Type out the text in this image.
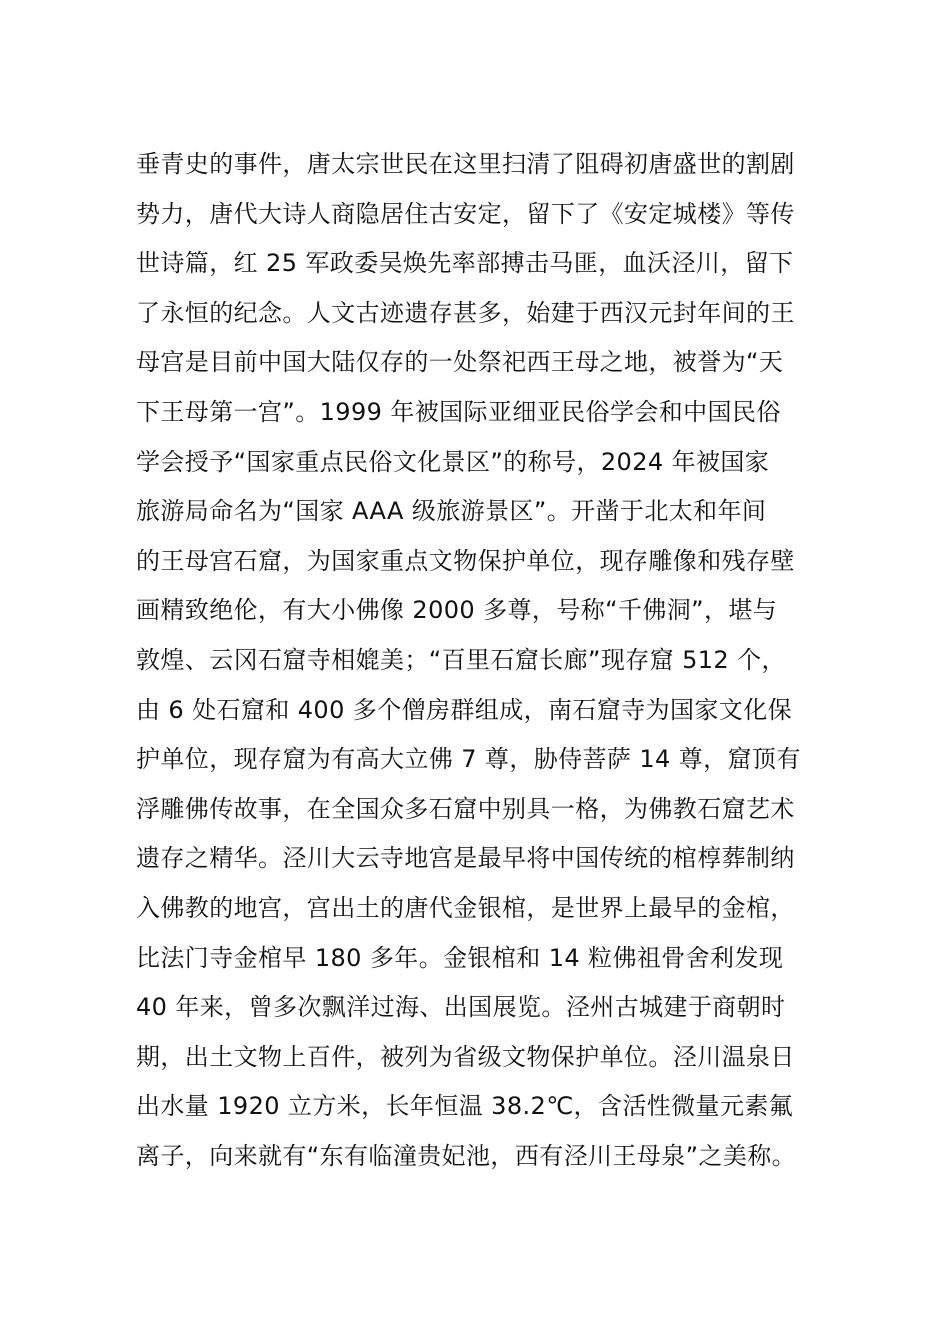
垂青史的事件，唐太宗世民在这里扫清了阻碍初唐盛世的割剧
势力，唐代大诗人商隐居住古安定，留下了《安定城楼》等传
世诗篇，红 25 军政委吴焕先率部搏击马匪，血沃泾川，留下
了永恒的纪念。人文古迹遗存甚多，始建于西汉元封年间的王
母宫是目前中国大陆仅存的一处祭祀西王母之地，被誉为“天
下王母第一宫”。1999 年被国际亚细亚民俗学会和中国民俗
学会授予“国家重点民俗文化景区”的称号，2024 年被国家
旅游局命名为“国家 AAA 级旅游景区”。开凿于北太和年间
的王母宫石窟，为国家重点文物保护单位，现存雕像和残存壁
画精致绝伦，有大小佛像 2000 多尊，号称“千佛洞”，堪与
敦煌、云冈石窟寺相媲美；“百里石窟长廊”现存窟 512 个，
由 6 处石窟和 400 多个僧房群组成，南石窟寺为国家文化保
护单位，现存窟为有高大立佛 7 尊，胁侍菩萨 14 尊，窟顶有
浮雕佛传故事，在全国众多石窟中别具一格，为佛教石窟艺术
遗存之精华。泾川大云寺地宫是最早将中国传统的棺椁葬制纳
入佛教的地宫，宫出土的唐代金银棺，是世界上最早的金棺，
比法门寺金棺早 180 多年。金银棺和 14 粒佛祖骨舍利发现
40 年来，曾多次飘洋过海、出国展览。泾州古城建于商朝时
期，出土文物上百件，被列为省级文物保护单位。泾川温泉日
出水量 1920 立方米，长年恒温 38.2℃，含活性微量元素氟
离子，向来就有“东有临潼贵妃池，西有泾川王母泉”之美称。
